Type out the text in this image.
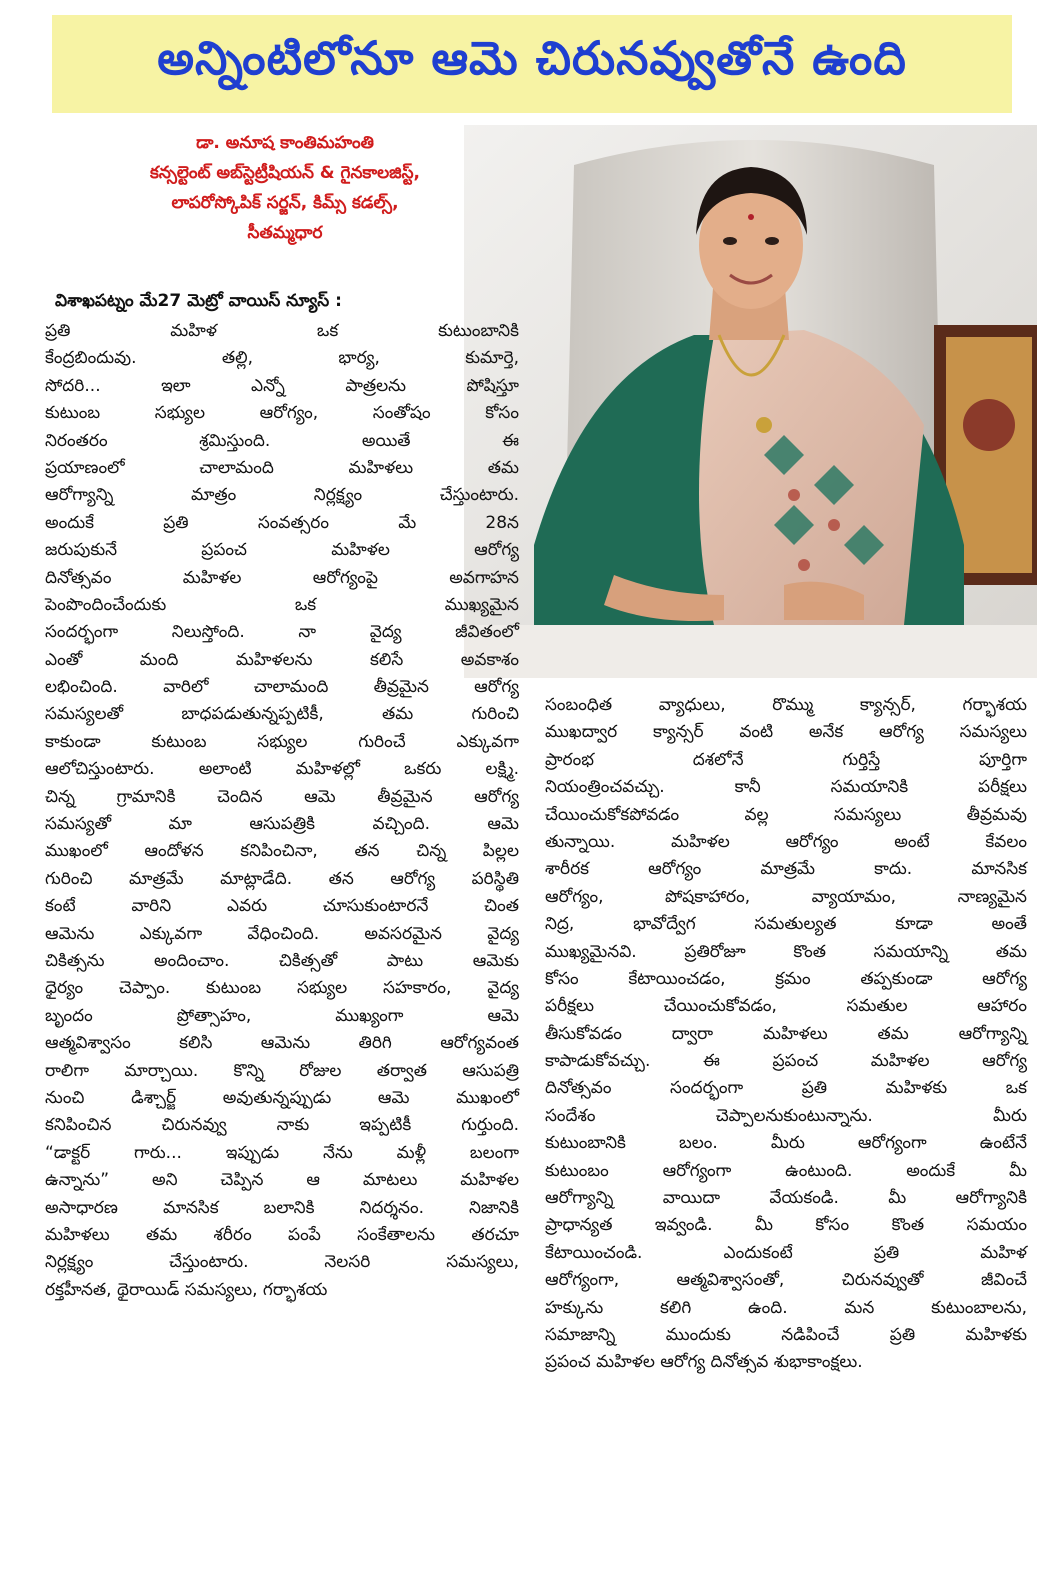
అన్నింటిలోనూ ఆమె చిరునవ్వుతోనే ఉంది
డా. అనూష కాంతిమహంతి
కన్సల్టెంట్ అబ్‌స్టెట్రీషియన్ & గైనకాలజిస్ట్,
లాపరోస్కోపిక్ సర్జన్, కిమ్స్ కడల్స్,
సీతమ్మధార
విశాఖపట్నం మే27 మెట్రో వాయిస్ న్యూస్ :

ప్రతి మహిళ ఒక కుటుంబానికి

కేంద్రబిందువు. తల్లి, భార్య, కుమార్తె,

సోదరి... ఇలా ఎన్నో పాత్రలను పోషిస్తూ

కుటుంబ సభ్యుల ఆరోగ్యం, సంతోషం కోసం

నిరంతరం శ్రమిస్తుంది. అయితే ఈ

ప్రయాణంలో చాలామంది మహిళలు తమ

ఆరోగ్యాన్ని మాత్రం నిర్లక్ష్యం చేస్తుంటారు.

అందుకే ప్రతి సంవత్సరం మే 28న

జరుపుకునే ప్రపంచ మహిళల ఆరోగ్య

దినోత్సవం మహిళల ఆరోగ్యంపై అవగాహన

పెంపొందించేందుకు ఒక ముఖ్యమైన

సందర్భంగా నిలుస్తోంది. నా వైద్య జీవితంలో

ఎంతో మంది మహిళలను కలిసే అవకాశం

లభించింది. వారిలో చాలామంది తీవ్రమైన ఆరోగ్య

సమస్యలతో బాధపడుతున్నప్పటికీ, తమ గురించి

కాకుండా కుటుంబ సభ్యుల గురించే ఎక్కువగా

ఆలోచిస్తుంటారు. అలాంటి మహిళల్లో ఒకరు లక్ష్మి.

చిన్న గ్రామానికి చెందిన ఆమె తీవ్రమైన ఆరోగ్య

సమస్యతో మా ఆసుపత్రికి వచ్చింది. ఆమె

ముఖంలో ఆందోళన కనిపించినా, తన చిన్న పిల్లల

గురించి మాత్రమే మాట్లాడేది. తన ఆరోగ్య పరిస్థితి

కంటే వారిని ఎవరు చూసుకుంటారనే చింత

ఆమెను ఎక్కువగా వేధించింది. అవసరమైన వైద్య

చికిత్సను అందించాం. చికిత్సతో పాటు ఆమెకు

ధైర్యం చెప్పాం. కుటుంబ సభ్యుల సహకారం, వైద్య

బృందం ప్రోత్సాహం, ముఖ్యంగా ఆమె

ఆత్మవిశ్వాసం కలిసి ఆమెను తిరిగి ఆరోగ్యవంత

రాలిగా మార్చాయి. కొన్ని రోజుల తర్వాత ఆసుపత్రి

నుంచి డిశ్చార్జ్ అవుతున్నప్పుడు ఆమె ముఖంలో

కనిపించిన చిరునవ్వు నాకు ఇప్పటికీ గుర్తుంది.

“డాక్టర్ గారు... ఇప్పుడు నేను మళ్లీ బలంగా

ఉన్నాను” అని చెప్పిన ఆ మాటలు మహిళల

అసాధారణ మానసిక బలానికి నిదర్శనం. నిజానికి

మహిళలు తమ శరీరం పంపే సంకేతాలను తరచూ

నిర్లక్ష్యం చేస్తుంటారు. నెలసరి సమస్యలు,

రక్తహీనత, థైరాయిడ్ సమస్యలు, గర్భాశయ

సంబంధిత వ్యాధులు, రొమ్ము క్యాన్సర్, గర్భాశయ

ముఖద్వార క్యాన్సర్ వంటి అనేక ఆరోగ్య సమస్యలు

ప్రారంభ దశలోనే గుర్తిస్తే పూర్తిగా

నియంత్రించవచ్చు. కానీ సమయానికి పరీక్షలు

చేయించుకోకపోవడం వల్ల సమస్యలు తీవ్రమవు

తున్నాయి. మహిళల ఆరోగ్యం అంటే కేవలం

శారీరక ఆరోగ్యం మాత్రమే కాదు. మానసిక

ఆరోగ్యం, పోషకాహారం, వ్యాయామం, నాణ్యమైన

నిద్ర, భావోద్వేగ సమతుల్యత కూడా అంతే

ముఖ్యమైనవి. ప్రతిరోజూ కొంత సమయాన్ని తమ

కోసం కేటాయించడం, క్రమం తప్పకుండా ఆరోగ్య

పరీక్షలు చేయించుకోవడం, సమతుల ఆహారం

తీసుకోవడం ద్వారా మహిళలు తమ ఆరోగ్యాన్ని

కాపాడుకోవచ్చు. ఈ ప్రపంచ మహిళల ఆరోగ్య

దినోత్సవం సందర్భంగా ప్రతి మహిళకు ఒక

సందేశం చెప్పాలనుకుంటున్నాను. మీరు

కుటుంబానికి బలం. మీరు ఆరోగ్యంగా ఉంటేనే

కుటుంబం ఆరోగ్యంగా ఉంటుంది. అందుకే మీ

ఆరోగ్యాన్ని వాయిదా వేయకండి. మీ ఆరోగ్యానికి

ప్రాధాన్యత ఇవ్వండి. మీ కోసం కొంత సమయం

కేటాయించండి. ఎందుకంటే ప్రతి మహిళ

ఆరోగ్యంగా, ఆత్మవిశ్వాసంతో, చిరునవ్వుతో జీవించే

హక్కును కలిగి ఉంది. మన కుటుంబాలను,

సమాజాన్ని ముందుకు నడిపించే ప్రతి మహిళకు

ప్రపంచ మహిళల ఆరోగ్య దినోత్సవ శుభాకాంక్షలు.
